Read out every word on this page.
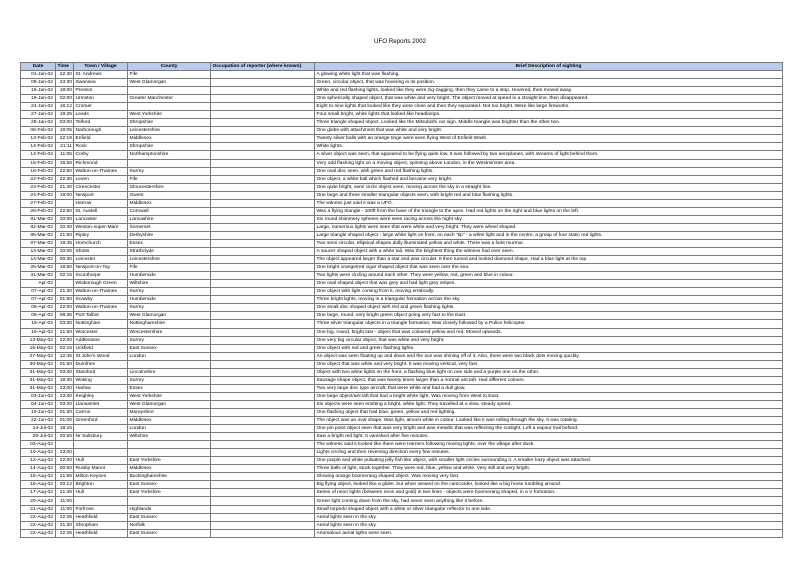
UFO Reports 2002
Date	Time	Town / Village	County	Occupation of reporter (where known)	Brief Description of sighting
01-Jan-02	22:30	St. Andrews	Fife		A glowing white light that was flashing.
09-Jan-02	23:30	Swansea	West Glamorgan		Green, circular object, that was hovering in its position.
15-Jan-02	18:00	Preston			White and red flashing lights, looked like they were zig-zagging, then they came to a stop. Hovered, then moved away.
19-Jan-02	02:00	Urmston	Greater Manchester		One spherically shaped object, that was white and very bright. The object moved at speed in a straight line, then disappeared.
24-Jan-02	16:12	Cromer			Eight to nine lights that looked like they were close and then they separated. Not too bright. Were like large fireworks.
27-Jan-02	19:25	Leeds	West Yorkshire		Four small bright, white lights that looked like headlamps.
28-Jan-02	03:00	Telford	Shropshire		Three triangle shaped object. Looked like the Mitsubishi car sign. Middle triangle was brighter than the other two.
06-Feb-02	19:05	Narborough	Leicestershire		One globe with attachment that was white and very bright.
13-Feb-02	22:19	Enfield	Middlesex		Twenty silver balls with an orange tinge were seen flying West of Enfield Wash.
14-Feb-02	21:11	Rock	Shropshire		White lights.
14-Feb-02	11:05	Corby	Northamptonshire		A silver object was seen, that appeared to be flying quite low. It was followed by two aeroplanes, with streams of light behind them.
15-Feb-02	15:56	Richmond			Very odd flashing light on a moving object, spinning above London, in the Westminster area.
16-Feb-02	22:50	Walton-on-Thames	Surrey		One oval disc seen, with green and red flashing lights.
22-Feb-02	22:30	Leven	Fife		One object, a white ball which flashed and became very bright.
23-Feb-02	21:40	Cirencester	Gloucestershire		One quite bright, semi circle object seen, moving across the sky in a straight line.
24-Feb-02	19:00	Newport	Gwent		One large and three smaller triangular objects seen, with bright red and blue flashing lights.
27-Feb-02		Harrow	Middlesex		The witness just said it was a UFO.
28-Feb-02	22:50	St. Austell	Cornwall		Was a flying triangle - 100ft from the base of the triangle to the apex. Had red lights on the right and blue lights on the left.
01-Mar-02	20:00	Lancaster	Lancashire		Six round shimmery spheres were seen racing across the night sky.
02-Mar-02	20:40	Weston-super-Mare	Somerset		Large, numerous lights were seen that were white and very bright. They were wheel shaped.
05-Mar-02	21:50	Ripley	Derbyshire		Large triangle shaped object - large white light on front, on each "tip" - a white light and in the centre, a group of four static red lights.
07-Mar-02	19:45	Hornchurch	Essex		Two semi circular, elliptical shapes dully illuminated yellow and white. There was a faint murmur.
13-Mar-02	20:05	Shotts	Strathclyde		A saucer shaped object with a white tail. Was the brightest thing the witness had ever seen.
14-Mar-02	00:30	Leicester	Leicestershire		The object appeared larger than a star and was circular. It then turned and looked diamond shape. Had a blue light at the top.
25-Mar-02	18:50	Newport-on-Tay	Fife		One bright orange/red cigar shaped object that was seen over the sea.
31-Mar-02	02:15	Scunthorpe	Humberside		Two lights were circling around each other. They were yellow, red, green and blue in colour.
Apr-02		Wisborough Green	Wiltshire		One oval shaped object that was grey and had light grey stripes.
07-Apr-02	21:30	Walton-on-Thames	Surrey		One object with light coming from it, moving erratically.
07-Apr-02	01:50	Scawby	Humberside		Three bright lights, moving in a triangular formation across the sky.
08-Apr-02	22:00	Walton-on-Thames	Surrey		One small disc shaped object with red and green flashing lights.
08-Apr-02	08:35	Port Talbot	West Glamorgan		One large, round, very bright green object going very fast to the East.
15-Apr-02	03:30	Nottingham	Nottinghamshire		Three silver triangular objects in a triangle formation. Was closely followed by a Police helicopter.
15-Apr-02	21:50	Worcester	Worcestershire		One big, round, bright star - object that was coloured yellow and red. Moved upwards.
13-May-02	22:00	Addlestone	Surrey		One very big circular object, that was white and very bright.
15-May-02	02:15	Uckfield	East Sussex		One object with red and green flashing lights.
27-May-02	12:45	St John's Wood	London		An object was seen floating up and down and the sun was shining off of it. Also, there were two black dots moving quickly.
30-May-02	01:50	Dumfries			One object that was white and very bright. It was moving vertical, very fast.
31-May-02	03:40	Stamford	Lincolnshire		Object with two white lights on the front, a flashing blue light on one side and a purple one on the other.
31-May-02	18:30	Woking	Surrey		Sausage shape object, that was twenty times larger than a normal aircraft. Had different colours.
31-May-02	23:00	Harlow	Essex		Two very large disc type aircraft, that were white and had a dull glow.
03-Jun-02	23:40	Keighley	West Yorkshire		One large object/aircraft that had a bright white light. Was moving from West to East.
04-Jun-02	03:20	Llansamlet	West Glamorgan		Six objects were seen emitting a bright, white light. They travelled at a slow, steady speed.
10-Jun-02	01:30	Carron	Morayshire		One flashing object that had blue, green, yellow and red lighting.
22-Jun-02	01:00	Greenford	Middlesex		The object was an oval shape. Was light, almost white in colour. Looked like it was rolling through the sky. It was rotating.
14-Jul-02	18:15		London		One pin point object seen that was very bright and was metallic that was reflecting the sunlight. Left a vapour trail behind.
28-Jul-02	20:55	Nr Salisbury	Wiltshire		Saw a bright red light. It vanished after five minutes.
03-Aug-02					The witness said it looked like there were Harriers following moving lights, over the village after dusk.
10-Aug-02	23:00				Lights circling and then reversing direction every few minutes.
12-Aug-02	22:00	Hull	East Yorkshire		One purple and white pulsating jelly fish like object, with smaller light circles surrounding it. A smaller hazy object was attached.
14-Aug-02	00:50	Ruislip Manor	Middlesex		Three balls of light, stuck together. They were red, blue, yellow and white. Very still and very bright.
15-Aug-02	21:55	Milton Keynes	Buckinghamshire		Glowing orange boomerang shaped object. Was moving very fast.
16-Aug-02	20:12	Brighton	East Sussex		Big flying object, looked like a glider, but when viewed on the camcorder, looked like a big horse tumbling around.
17-Aug-02	21:45	Hull	East Yorkshire		Series of neon lights (between neon and gold) in two lines - objects were boomerang shaped, in a V formation.
20-Aug-02	11:00				Green light coming down from the sky, had never seen anything like it before.
21-Aug-02	11:00	Forfrose	Highlands		Small torpedo shaped object with a white or silver triangular reflector to one side.
22-Aug-02	22:25	Heathfield	East Sussex		Aerial lights seen in the sky.
22-Aug-02	21:30	Shropham	Norfolk		Aerial lights seen in the sky.
22-Aug-02	22:25	Heathfield	East Sussex		Anomalous aerial lights were seen.
